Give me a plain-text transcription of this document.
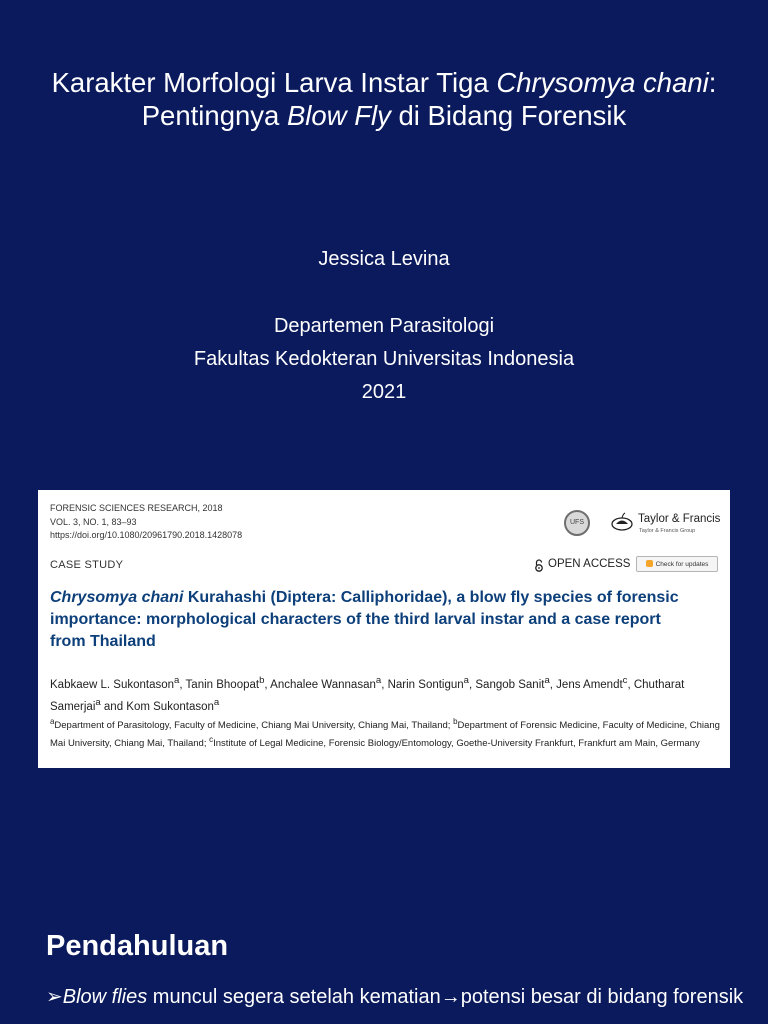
Karakter Morfologi Larva Instar Tiga Chrysomya chani:
Pentingnya Blow Fly di Bidang Forensik
Jessica Levina
Departemen Parasitologi
Fakultas Kedokteran Universitas Indonesia
2021
FORENSIC SCIENCES RESEARCH, 2018
VOL. 3, NO. 1, 83–93
https://doi.org/10.1080/20961790.2018.1428078
UFS	Taylor & Francis
Taylor & Francis Group
CASE STUDY	OPEN ACCESS	Check for updates
Chrysomya chani Kurahashi (Diptera: Calliphoridae), a blow fly species of forensic importance: morphological characters of the third larval instar and a case report from Thailand
Kabkaew L. Sukontason$^a$, Tanin Bhoopat$^b$, Anchalee Wannasan$^a$, Narin Sontigun$^a$, Sangob Sanit$^a$, Jens Amendt$^c$, Chutharat Samerjai$^a$ and Kom Sukontason$^a$
$^a$Department of Parasitology, Faculty of Medicine, Chiang Mai University, Chiang Mai, Thailand; $^b$Department of Forensic Medicine, Faculty of Medicine, Chiang Mai University, Chiang Mai, Thailand; $^c$Institute of Legal Medicine, Forensic Biology/Entomology, Goethe-University Frankfurt, Frankfurt am Main, Germany
Pendahuluan
➢Blow flies muncul segera setelah kematian→potensi besar di bidang forensik
